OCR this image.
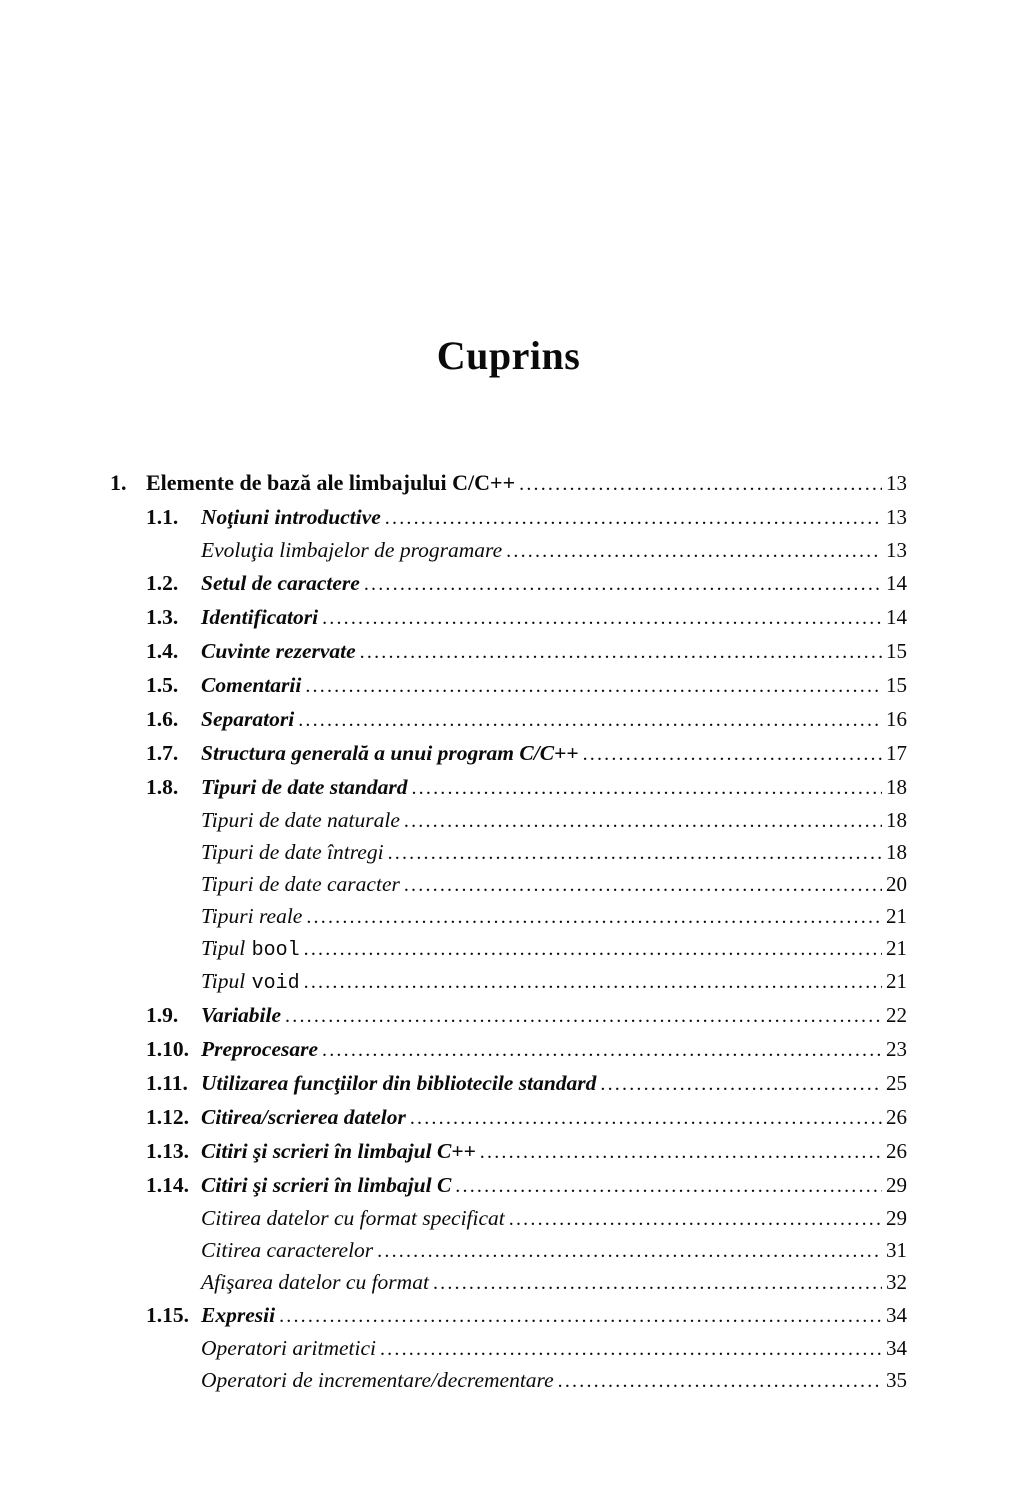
Cuprins
1. Elemente de bază ale limbajului C/C++ .....	13
1.1.	Noţiuni introductive .....	13
Evoluţia limbajelor de programare .....	13
1.2.	Setul de caractere .....	14
1.3.	Identificatori .....	14
1.4.	Cuvinte rezervate .....	15
1.5.	Comentarii .....	15
1.6.	Separatori .....	16
1.7.	Structura generală a unui program C/C++ .....	17
1.8.	Tipuri de date standard .....	18
Tipuri de date naturale .....	18
Tipuri de date întregi .....	18
Tipuri de date caracter .....	20
Tipuri reale .....	21
Tipul bool .....	21
Tipul void .....	21
1.9.	Variabile .....	22
1.10. Preprocesare .....	23
1.11. Utilizarea funcţiilor din bibliotecile standard .....	25
1.12. Citirea/scrierea datelor .....	26
1.13. Citiri şi scrieri în limbajul C++ .....	26
1.14. Citiri şi scrieri în limbajul C .....	29
Citirea datelor cu format specificat .....	29
Citirea caracterelor .....	31
Afişarea datelor cu format .....	32
1.15. Expresii .....	34
Operatori aritmetici .....	34
Operatori de incrementare/decrementare .....	35
